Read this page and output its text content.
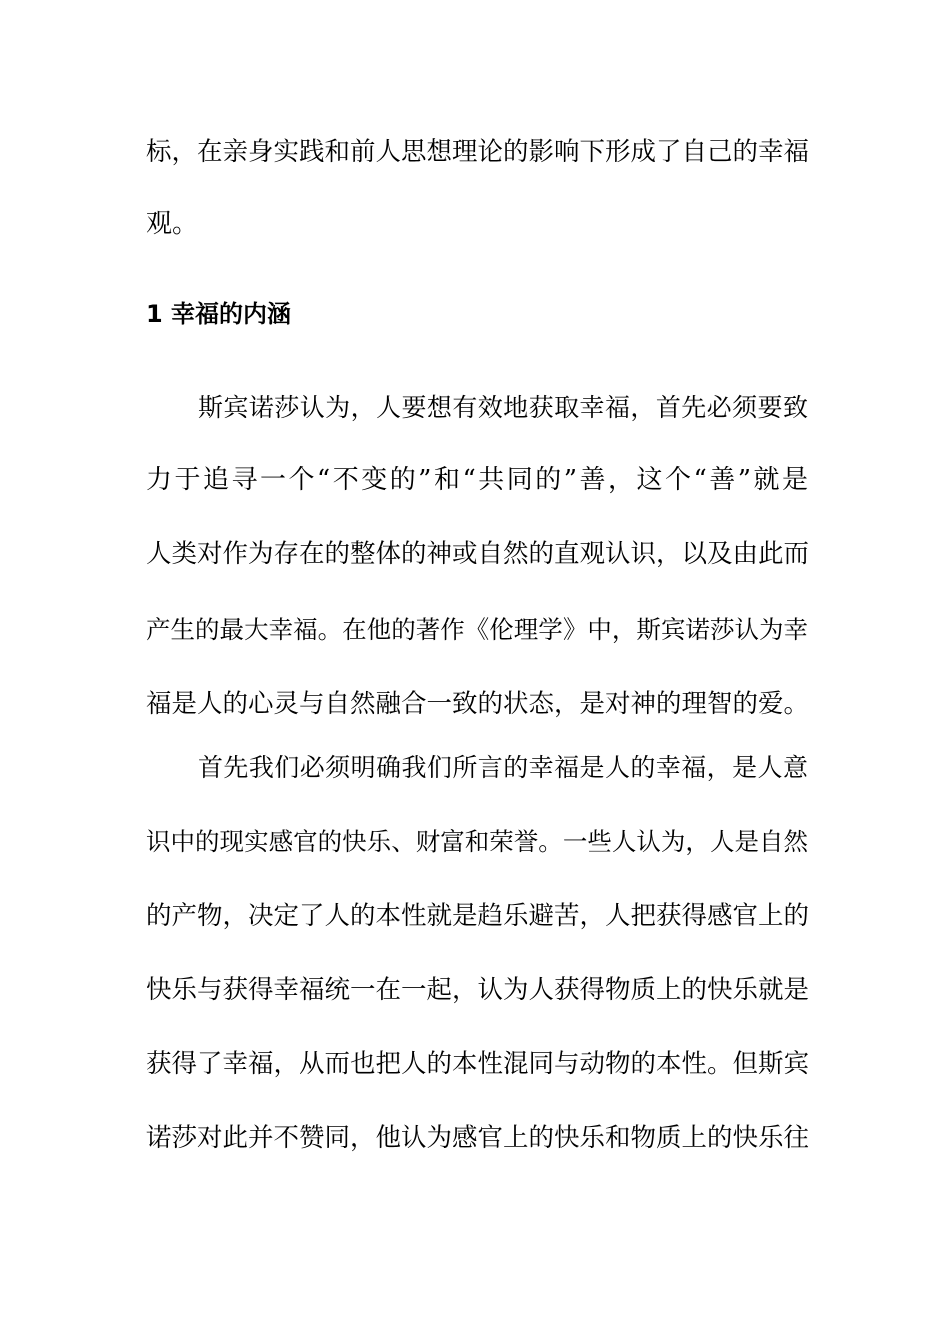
标，在亲身实践和前人思想理论的影响下形成了自己的幸福
观。
1 幸福的内涵
斯宾诺莎认为，人要想有效地获取幸福，首先必须要致
力于追寻一个“不变的”和“共同的”善，这个“善”就是
人类对作为存在的整体的神或自然的直观认识，以及由此而
产生的最大幸福。在他的著作《伦理学》中，斯宾诺莎认为幸
福是人的心灵与自然融合一致的状态，是对神的理智的爱。
首先我们必须明确我们所言的幸福是人的幸福，是人意
识中的现实感官的快乐、财富和荣誉。一些人认为，人是自然
的产物，决定了人的本性就是趋乐避苦，人把获得感官上的
快乐与获得幸福统一在一起，认为人获得物质上的快乐就是
获得了幸福，从而也把人的本性混同与动物的本性。但斯宾
诺莎对此并不赞同，他认为感官上的快乐和物质上的快乐往
